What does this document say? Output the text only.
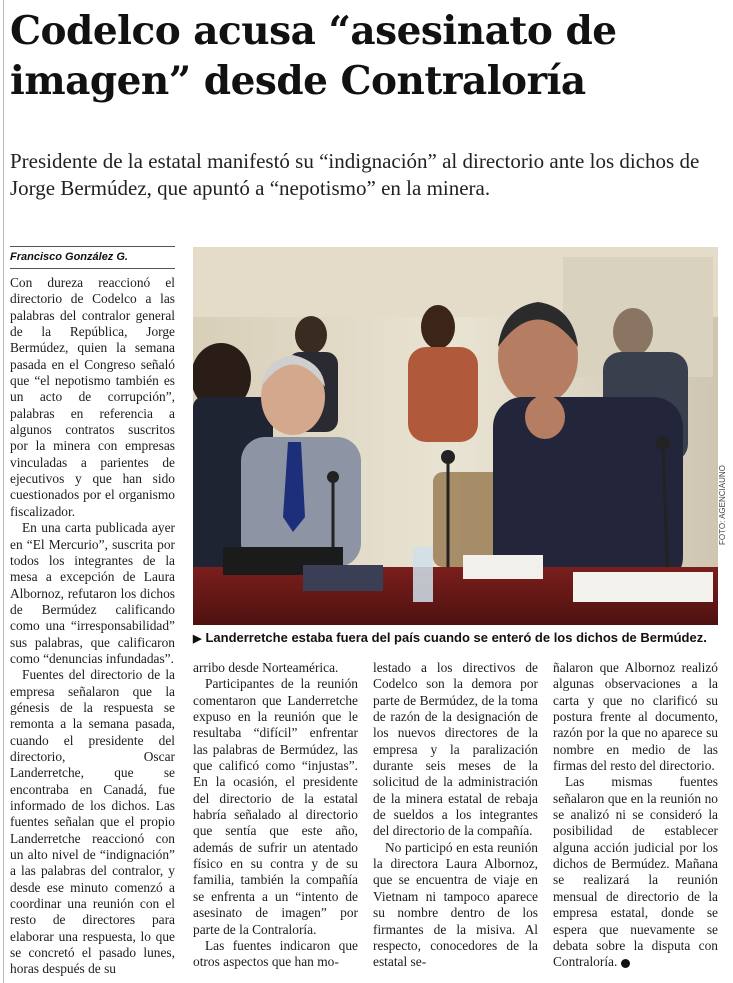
Codelco acusa “asesinato de imagen” desde Contraloría

Presidente de la estatal manifestó su “indignación” al directorio ante los dichos de Jorge Bermúdez, que apuntó a “nepotismo” en la minera.

Francisco González G.

Con dureza reaccionó el directorio de Codelco a las palabras del contralor general de la República, Jorge Bermúdez, quien la semana pasada en el Congreso señaló que “el nepotismo también es un acto de corrupción”, palabras en referencia a algunos contratos suscritos por la minera con empresas vinculadas a parientes de ejecutivos y que han sido cuestionados por el organismo fiscalizador.

En una carta publicada ayer en “El Mercurio”, suscrita por todos los integrantes de la mesa a excepción de Laura Albornoz, refutaron los dichos de Bermúdez calificando como una “irresponsabilidad” sus palabras, que calificaron como “denuncias infundadas”.

Fuentes del directorio de la empresa señalaron que la génesis de la respuesta se remonta a la semana pasada, cuando el presidente del directorio, Oscar Landerretche, que se encontraba en Canadá, fue informado de los dichos. Las fuentes señalan que el propio Landerretche reaccionó con un alto nivel de “indignación” a las palabras del contralor, y desde ese minuto comenzó a coordinar una reunión con el resto de directores para elaborar una respuesta, lo que se concretó el pasado lunes, horas después de su

FOTO: AGENCIAUNO
▶ Landerretche estaba fuera del país cuando se enteró de los dichos de Bermúdez.

arribo desde Norteamérica.

Participantes de la reunión comentaron que Landerretche expuso en la reunión que le resultaba “difícil” enfrentar las palabras de Bermúdez, las que calificó como “injustas”. En la ocasión, el presidente del directorio de la estatal habría señalado al directorio que sentía que este año, además de sufrir un atentado físico en su contra y de su familia, también la compañía se enfrenta a un “intento de asesinato de imagen” por parte de la Contraloría.

Las fuentes indicaron que otros aspectos que han mo-

lestado a los directivos de Codelco son la demora por parte de Bermúdez, de la toma de razón de la designación de los nuevos directores de la empresa y la paralización durante seis meses de la solicitud de la administración de la minera estatal de rebaja de sueldos a los integrantes del directorio de la compañía.

No participó en esta reunión la directora Laura Albornoz, que se encuentra de viaje en Vietnam ni tampoco aparece su nombre dentro de los firmantes de la misiva. Al respecto, conocedores de la estatal se-

ñalaron que Albornoz realizó algunas observaciones a la carta y que no clarificó su postura frente al documento, razón por la que no aparece su nombre en medio de las firmas del resto del directorio.

Las mismas fuentes señalaron que en la reunión no se analizó ni se consideró la posibilidad de establecer alguna acción judicial por los dichos de Bermúdez. Mañana se realizará la reunión mensual de directorio de la empresa estatal, donde se espera que nuevamente se debata sobre la disputa con Contraloría.
